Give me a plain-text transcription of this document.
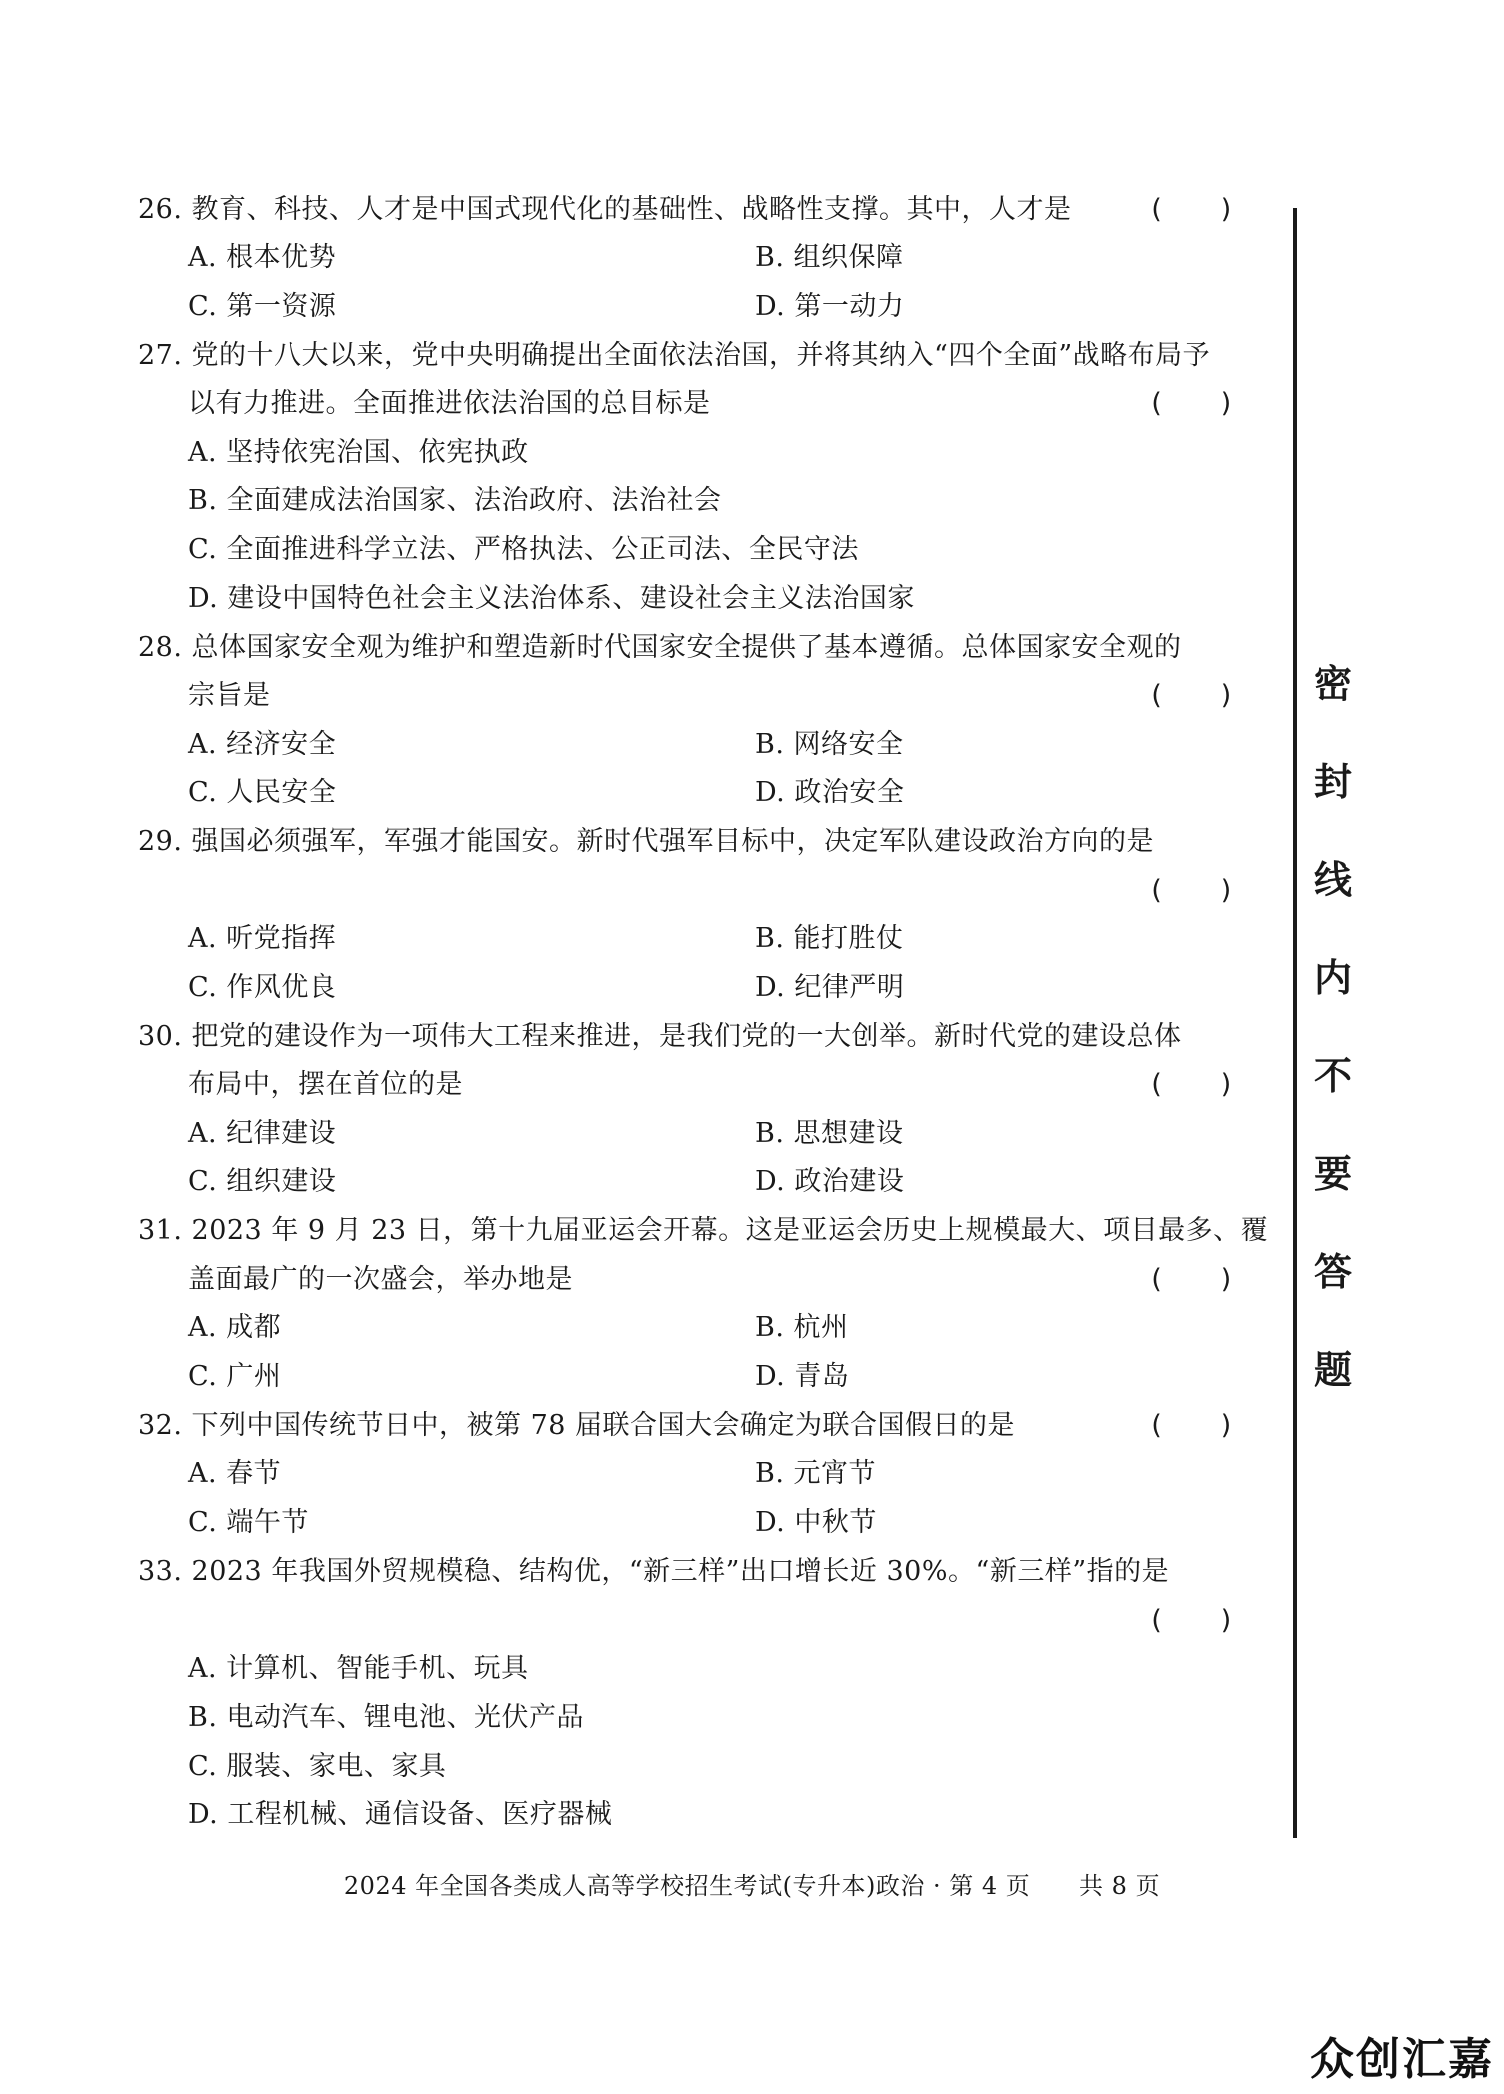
26. 教育、科技、人才是中国式现代化的基础性、战略性支撑。其中，人才是	(　　)
A. 根本优势	B. 组织保障
C. 第一资源	D. 第一动力
27. 党的十八大以来，党中央明确提出全面依法治国，并将其纳入“四个全面”战略布局予
以有力推进。全面推进依法治国的总目标是	(　　)
A. 坚持依宪治国、依宪执政
B. 全面建成法治国家、法治政府、法治社会
C. 全面推进科学立法、严格执法、公正司法、全民守法
D. 建设中国特色社会主义法治体系、建设社会主义法治国家
28. 总体国家安全观为维护和塑造新时代国家安全提供了基本遵循。总体国家安全观的
宗旨是	(　　)
A. 经济安全	B. 网络安全
C. 人民安全	D. 政治安全
29. 强国必须强军，军强才能国安。新时代强军目标中，决定军队建设政治方向的是
(　　)
A. 听党指挥	B. 能打胜仗
C. 作风优良	D. 纪律严明
30. 把党的建设作为一项伟大工程来推进，是我们党的一大创举。新时代党的建设总体
布局中，摆在首位的是	(　　)
A. 纪律建设	B. 思想建设
C. 组织建设	D. 政治建设
31. 2023 年 9 月 23 日，第十九届亚运会开幕。这是亚运会历史上规模最大、项目最多、覆
盖面最广的一次盛会，举办地是	(　　)
A. 成都	B. 杭州
C. 广州	D. 青岛
32. 下列中国传统节日中，被第 78 届联合国大会确定为联合国假日的是	(　　)
A. 春节	B. 元宵节
C. 端午节	D. 中秋节
33. 2023 年我国外贸规模稳、结构优，“新三样”出口增长近 30%。“新三样”指的是
(　　)
A. 计算机、智能手机、玩具
B. 电动汽车、锂电池、光伏产品
C. 服装、家电、家具
D. 工程机械、通信设备、医疗器械
密
封
线
内
不
要
答
题
2024 年全国各类成人高等学校招生考试(专升本)政治 · 第 4 页 共 8 页
众创汇嘉
